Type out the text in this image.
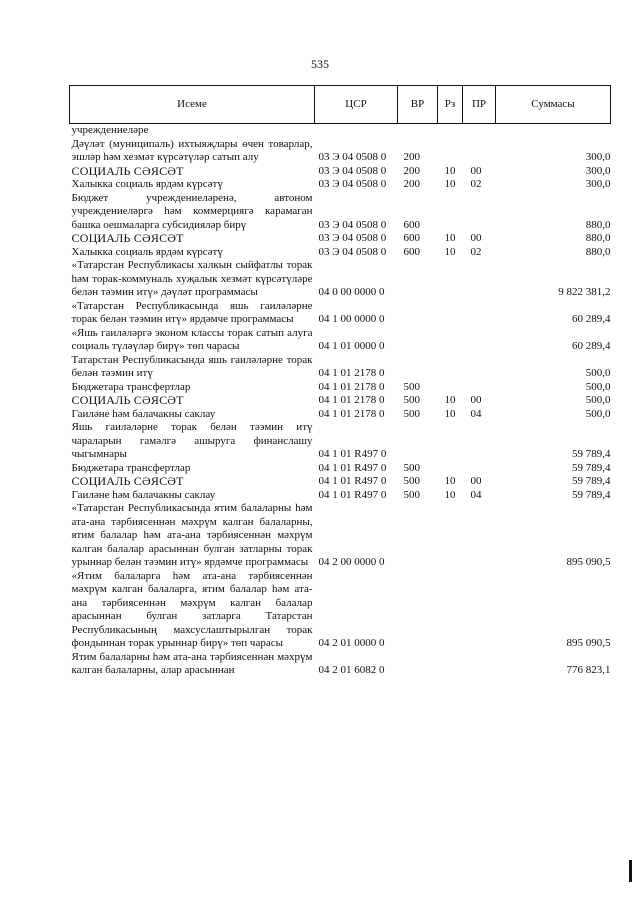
535
Исеме	ЦСР	ВР	Рз	ПР	Суммасы
учреждениеләре					
Дәүләт (муниципаль) ихтыяҗлары өчен товарлар, эшләр һәм хезмәт күрсәтүләр сатып алу	03 Э 04 0508 0	200			300,0
СОЦИАЛЬ СӘЯСӘТ	03 Э 04 0508 0	200	10	00	300,0
Халыкка социаль ярдәм күрсәтү	03 Э 04 0508 0	200	10	02	300,0
Бюджет учреждениеләренә, автоном учреждениеләргә һәм коммерциягә карамаган башка оешмаларга субсидияләр бирү	03 Э 04 0508 0	600			880,0
СОЦИАЛЬ СӘЯСӘТ	03 Э 04 0508 0	600	10	00	880,0
Халыкка социаль ярдәм күрсәтү	03 Э 04 0508 0	600	10	02	880,0
«Татарстан Республикасы халкын сыйфатлы торак һәм торак-коммуналь хуҗалык хезмәт күрсәтүләре белән тәэмин итү» дәүләт программасы	04 0 00 0000 0				9 822 381,2
«Татарстан Республикасында яшь гаиләләрне торак белән тәэмин итү» ярдәмче программасы	04 1 00 0000 0				60 289,4
«Яшь гаиләләргә эконом классы торак сатып алуга социаль түләүләр бирү» төп чарасы	04 1 01 0000 0				60 289,4
Татарстан Республикасында яшь гаиләләрне торак белән тәэмин итү	04 1 01 2178 0				500,0
Бюджетара трансфертлар	04 1 01 2178 0	500			500,0
СОЦИАЛЬ СӘЯСӘТ	04 1 01 2178 0	500	10	00	500,0
Гаиләне һәм балачакны саклау	04 1 01 2178 0	500	10	04	500,0
Яшь гаиләләрне торак белән тәэмин итү чараларын гамәлгә ашыруга финанслашу чыгымнары	04 1 01 R497 0				59 789,4
Бюджетара трансфертлар	04 1 01 R497 0	500			59 789,4
СОЦИАЛЬ СӘЯСӘТ	04 1 01 R497 0	500	10	00	59 789,4
Гаиләне һәм балачакны саклау	04 1 01 R497 0	500	10	04	59 789,4
«Татарстан Республикасында ятим балаларны һәм ата-ана тәрбиясеннән мәхрүм калган балаларны, ятим балалар һәм ата-ана тәрбиясеннән мәхрүм калган балалар арасыннан булган затларны торак урыннар белән тәэмин итү» ярдәмче программасы	04 2 00 0000 0				895 090,5
«Ятим балаларга һәм ата-ана тәрбиясеннән мәхрүм калган балаларга, ятим балалар һәм ата-ана тәрбиясеннән мәхрүм калган балалар арасыннан булган затларга Татарстан Республикасының махсуслаштырылган торак фондыннан торак урыннар бирү» төп чарасы	04 2 01 0000 0				895 090,5
Ятим балаларны һәм ата-ана тәрбиясеннән мәхрүм калган балаларны, алар арасыннан	04 2 01 6082 0				776 823,1
